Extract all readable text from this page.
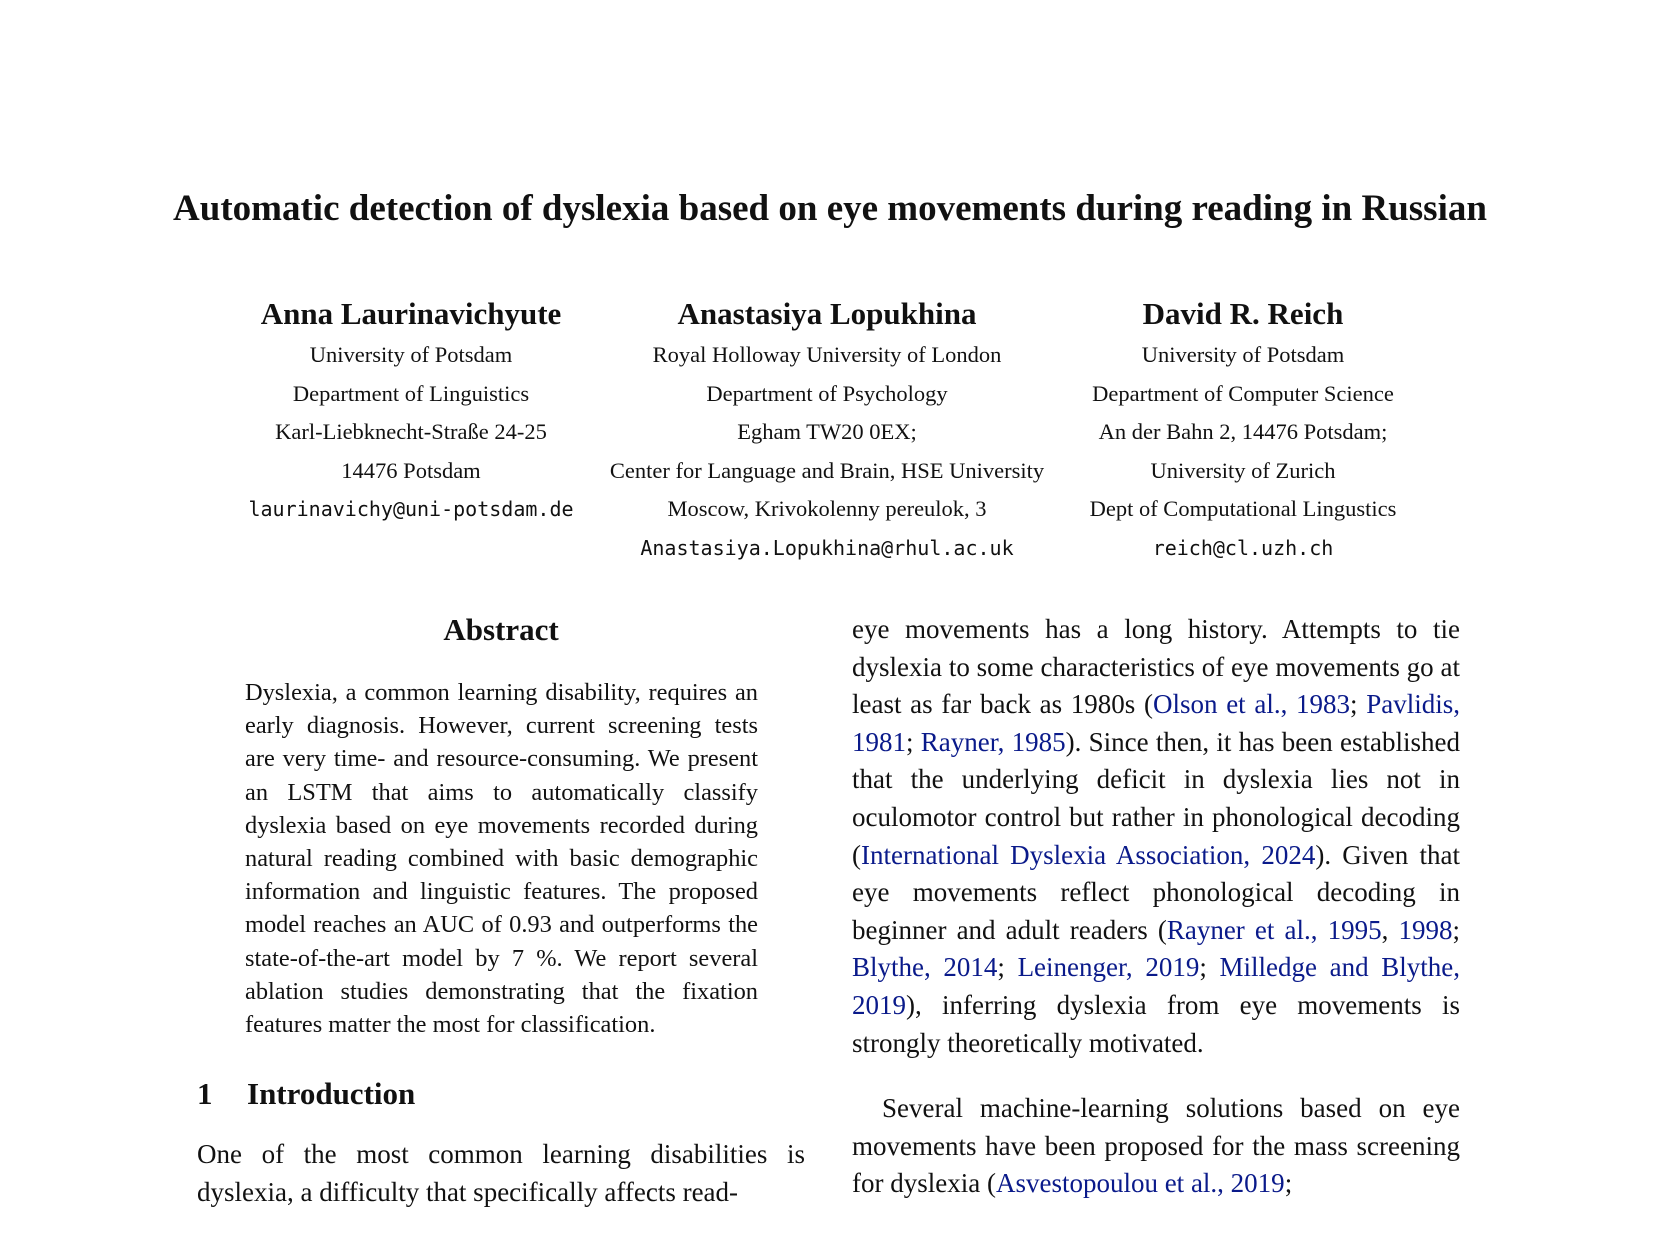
Automatic detection of dyslexia based on eye movements during reading in Russian
Anna Laurinavichyute
University of Potsdam
Department of Linguistics
Karl-Liebknecht-Straße 24-25
14476 Potsdam
laurinavichy@uni-potsdam.de
Anastasiya Lopukhina
Royal Holloway University of London
Department of Psychology
Egham TW20 0EX;
Center for Language and Brain, HSE University
Moscow, Krivokolenny pereulok, 3
Anastasiya.Lopukhina@rhul.ac.uk
David R. Reich
University of Potsdam
Department of Computer Science
An der Bahn 2, 14476 Potsdam;
University of Zurich
Dept of Computational Lingustics
reich@cl.uzh.ch
Abstract
Dyslexia, a common learning disability, requires an early diagnosis. However, current screening tests are very time- and resource-consuming. We present an LSTM that aims to automatically classify dyslexia based on eye movements recorded during natural reading combined with basic demographic information and linguistic features. The proposed model reaches an AUC of 0.93 and outperforms the state-of-the-art model by 7 %. We report several ablation studies demonstrating that the fixation features matter the most for classification.
1 Introduction
One of the most common learning disabilities is dyslexia, a difficulty that specifically affects read-

eye movements has a long history. Attempts to tie dyslexia to some characteristics of eye movements go at least as far back as 1980s (Olson et al., 1983; Pavlidis, 1981; Rayner, 1985). Since then, it has been established that the underlying deficit in dyslexia lies not in oculomotor control but rather in phonological decoding (International Dyslexia Association, 2024). Given that eye movements reflect phonological decoding in beginner and adult readers (Rayner et al., 1995, 1998; Blythe, 2014; Leinenger, 2019; Milledge and Blythe, 2019), inferring dyslexia from eye movements is strongly theoretically motivated.

Several machine-learning solutions based on eye movements have been proposed for the mass screening for dyslexia (Asvestopoulou et al., 2019;
